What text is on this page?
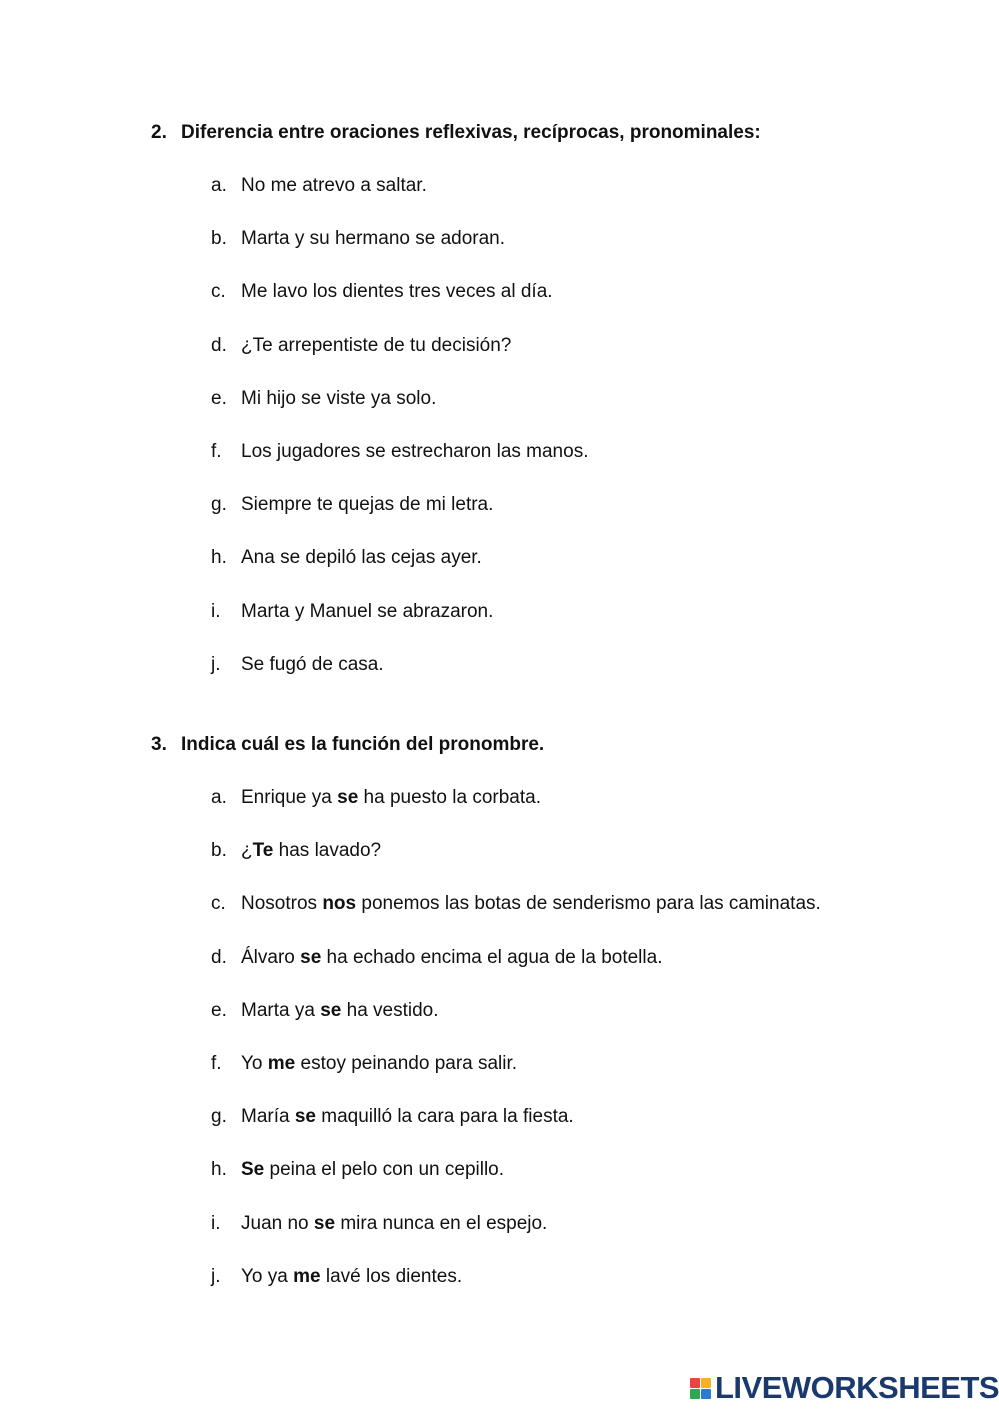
2. Diferencia entre oraciones reflexivas, recíprocas, pronominales:
a. No me atrevo a saltar.
b. Marta y su hermano se adoran.
c. Me lavo los dientes tres veces al día.
d. ¿Te arrepentiste de tu decisión?
e. Mi hijo se viste ya solo.
f. Los jugadores se estrecharon las manos.
g. Siempre te quejas de mi letra.
h. Ana se depiló las cejas ayer.
i. Marta y Manuel se abrazaron.
j. Se fugó de casa.
3. Indica cuál es la función del pronombre.
a. Enrique ya se ha puesto la corbata.
b. ¿Te has lavado?
c. Nosotros nos ponemos las botas de senderismo para las caminatas.
d. Álvaro se ha echado encima el agua de la botella.
e. Marta ya se ha vestido.
f. Yo me estoy peinando para salir.
g. María se maquilló la cara para la fiesta.
h. Se peina el pelo con un cepillo.
i. Juan no se mira nunca en el espejo.
j. Yo ya me lavé los dientes.
LIVEWORKSHEETS
